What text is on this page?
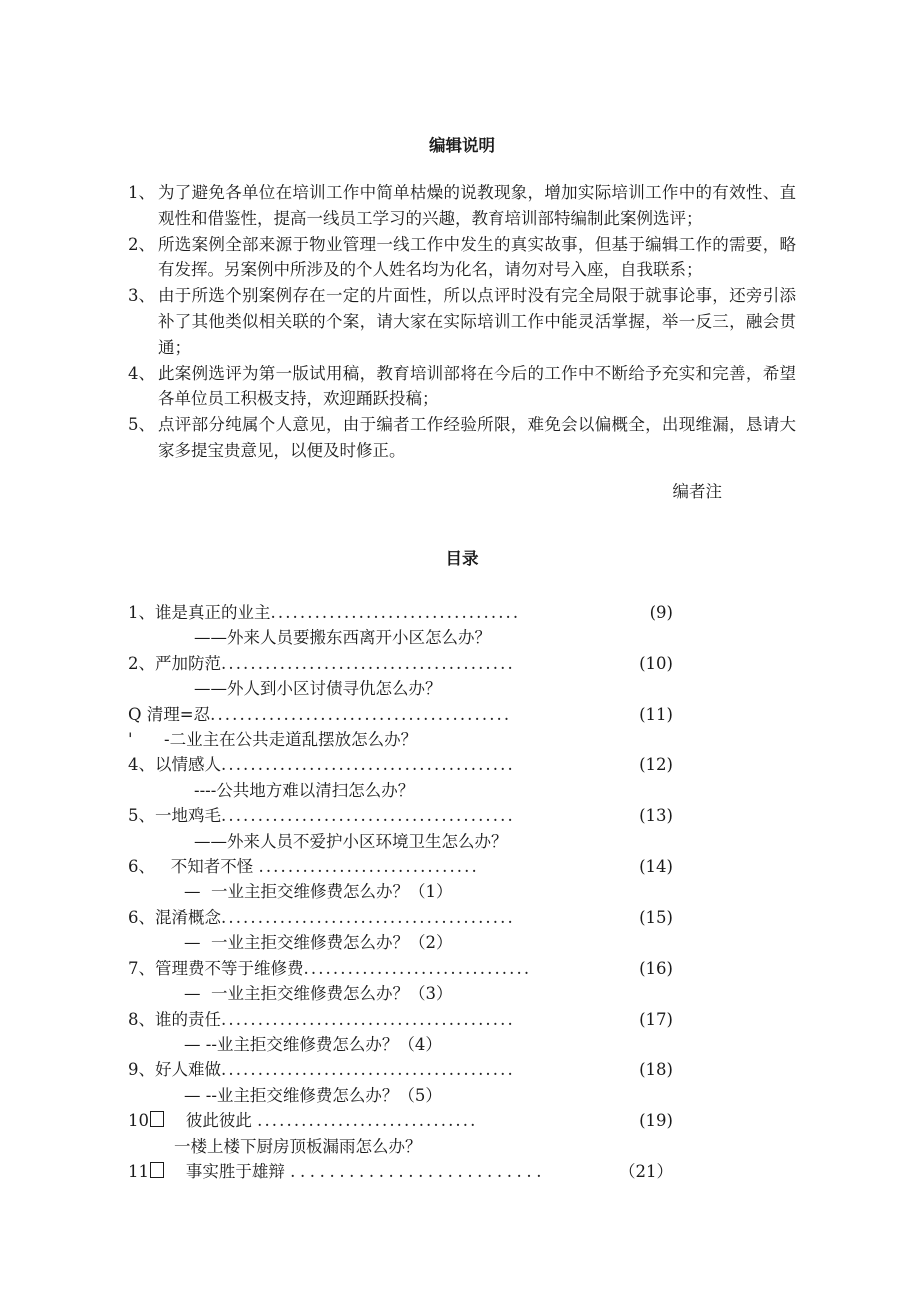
编辑说明
1、 为了避免各单位在培训工作中简单枯燥的说教现象，增加实际培训工作中的有效性、直观性和借鉴性，提高一线员工学习的兴趣，教育培训部特编制此案例选评；
2、 所选案例全部来源于物业管理一线工作中发生的真实故事，但基于编辑工作的需要，略有发挥。另案例中所涉及的个人姓名均为化名，请勿对号入座，自我联系；
3、 由于所选个别案例存在一定的片面性，所以点评时没有完全局限于就事论事，还旁引添补了其他类似相关联的个案，请大家在实际培训工作中能灵活掌握，举一反三，融会贯通；
4、 此案例选评为第一版试用稿，教育培训部将在今后的工作中不断给予充实和完善，希望各单位员工积极支持，欢迎踊跃投稿；
5、 点评部分纯属个人意见，由于编者工作经验所限，难免会以偏概全，出现维漏，恳请大家多提宝贵意见，以便及时修正。
编者注
目录
1、谁是真正的业主 ..................................	(9)
——外来人员要搬东西离开小区怎么办？
2、严加防范 ........................................	(10)
——外人到小区讨债寻仇怎么办？
Q 清理=忍 .........................................	(11)
'      -二业主在公共走道乱摆放怎么办？
4、以情感人 ........................................	(12)
----公共地方难以清扫怎么办？
5、一地鸡毛 ........................................	(13)
——外来人员不爱护小区环境卫生怎么办？
6、   不知者不怪 ..............................	(14)
—  一业主拒交维修费怎么办？（1）
6、混淆概念 ........................................	(15)
—  一业主拒交维修费怎么办？（2）
7、管理费不等于维修费 ...............................	(16)
—  一业主拒交维修费怎么办？（3）
8、谁的责任 ........................................	(17)
— --业主拒交维修费怎么办？（4）
9、好人难做 ........................................	(18)
— --业主拒交维修费怎么办？（5）
10    彼此彼此 ..............................	(19)
一楼上楼下厨房顶板漏雨怎么办？
11    事实胜于雄辩 ..........................	（21）
